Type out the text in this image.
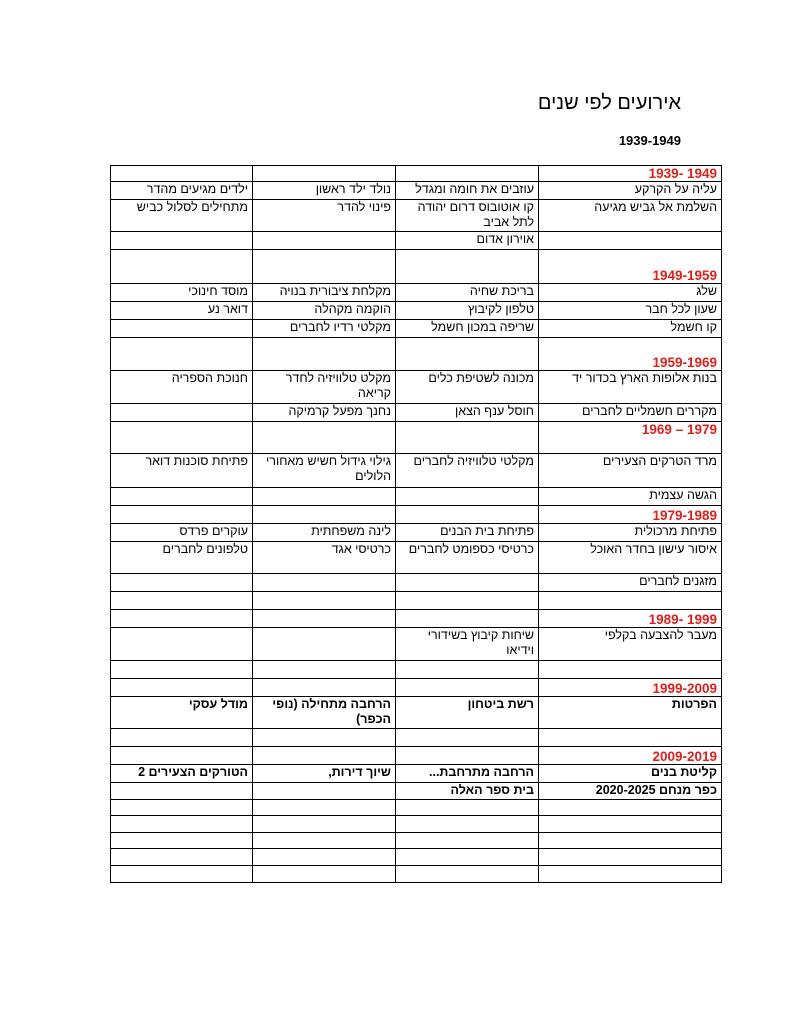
אירועים לפי שנים
1939-1949
1949 -1939			
עליה על הקרקע	עוזבים את חומה ומגדל	נולד ילד ראשון	ילדים מגיעים מהדר
השלמת אל גביש מגיעה	קו אוטובוס דרום יהודה לתל אביב	פינוי להדר	מתחילים לסלול כביש
	אוירון אדום		
1949-1959			
שלג	בריכת שחיה	מקלחת ציבורית בנויה	מוסד חינוכי
שעון לכל חבר	טלפון לקיבוץ	הוקמה מקהלה	דואר נע
קו חשמל	שריפה במכון חשמל	מקלטי רדיו לחברים	
1959-1969			
בנות אלופות הארץ בכדור יד	מכונה לשטיפת כלים	מקלט טלוויזיה לחדר קריאה	חנוכת הספריה
מקררים חשמליים לחברים	חוסל ענף הצאן	נחנך מפעל קרמיקה	
1979 – 1969			
מרד הטרקים הצעירים	מקלטי טלוויזיה לחברים	גילוי גידול חשיש מאחורי הלולים	פתיחת סוכנות דואר
הגשה עצמית			
1979-1989			
פתיחת מרכולית	פתיחת בית הבנים	לינה משפחתית	עוקרים פרדס
איסור עישון בחדר האוכל	כרטיסי כספומט לחברים	כרטיסי אגד	טלפונים לחברים
מזגנים לחברים			

1999 -1989			
מעבר להצבעה בקלפי	שיחות קיבוץ בשידורי וידיאו		

1999-2009			
הפרטות	רשת ביטחון	הרחבה מתחילה (נופי הכפר)	מודל עסקי

2009-2019			
קליטת בנים	הרחבה מתרחבת...	שיוך דירות,	הטורקים הצעירים 2
כפר מנחם 2020-2025	בית ספר האלה		
